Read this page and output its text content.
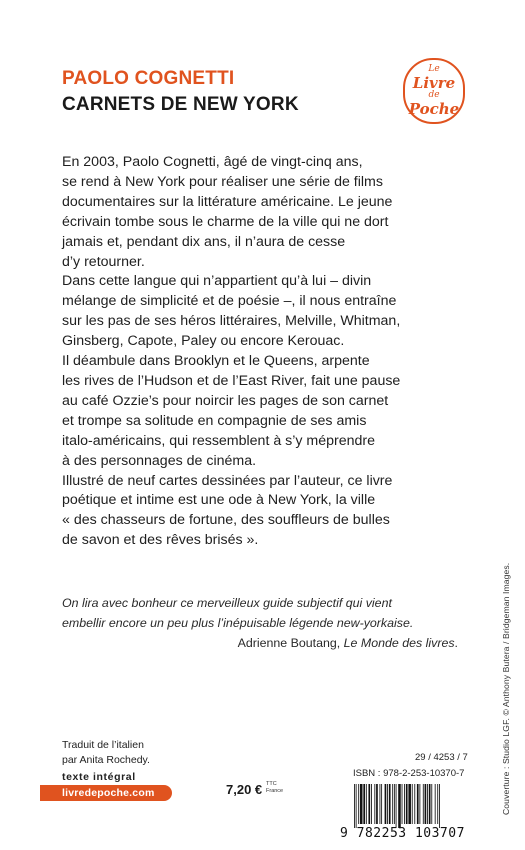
PAOLO COGNETTI
CARNETS DE NEW YORK
Le
Livre
de
Poche

En 2003, Paolo Cognetti, âgé de vingt-cinq ans,

se rend à New York pour réaliser une série de films

documentaires sur la littérature américaine. Le jeune

écrivain tombe sous le charme de la ville qui ne dort

jamais et, pendant dix ans, il n’aura de cesse

d’y retourner.

Dans cette langue qui n’appartient qu’à lui – divin

mélange de simplicité et de poésie –, il nous entraîne

sur les pas de ses héros littéraires, Melville, Whitman,

Ginsberg, Capote, Paley ou encore Kerouac.

Il déambule dans Brooklyn et le Queens, arpente

les rives de l’Hudson et de l’East River, fait une pause

au café Ozzie’s pour noircir les pages de son carnet

et trompe sa solitude en compagnie de ses amis

italo-américains, qui ressemblent à s’y méprendre

à des personnages de cinéma.

Illustré de neuf cartes dessinées par l’auteur, ce livre

poétique et intime est une ode à New York, la ville

« des chasseurs de fortune, des souffleurs de bulles

de savon et des rêves brisés ».

On lira avec bonheur ce merveilleux guide subjectif qui vient

embellir encore un peu plus l’inépuisable légende new-yorkaise.

Adrienne Boutang, Le Monde des livres.

Traduit de l’italien
par Anita Rochedy.
texte intégral
livredepoche.com	7,20 € TTC
France
29 / 4253 / 7
ISBN : 978-2-253-10370-7
9 782253 103707
Couverture : Studio LGF. © Anthony Butera / Bridgeman Images.
